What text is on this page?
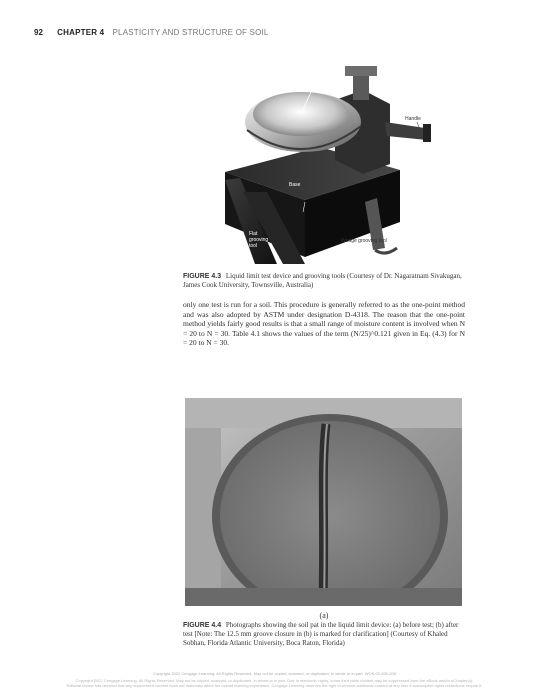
92 CHAPTER 4 PLASTICITY AND STRUCTURE OF SOIL
Cup
Handle
Base
Flat
grooving
tool
Wedge grooving tool
FIGURE 4.3 Liquid limit test device and grooving tools (Courtesy of Dr. Nagaratnam Sivakugan, James Cook University, Townsville, Australia)

only one test is run for a soil. This procedure is generally referred to as the one-point method and was also adopted by ASTM under designation D-4318. The reason that the one-point method yields fairly good results is that a small range of moisture content is involved when N = 20 to N = 30. Table 4.1 shows the values of the term (N/25)^0.121 given in Eq. (4.3) for N = 20 to N = 30.

(a)
FIGURE 4.4 Photographs showing the soil pat in the liquid limit device: (a) before test; (b) after test [Note: The 12.5 mm groove closure in (b) is marked for clarification] (Courtesy of Khaled Sobhan, Florida Atlantic University, Boca Raton, Florida)
Copyright 2022 Cengage Learning. All Rights Reserved. May not be copied, scanned, or duplicated, in whole or in part. WCN 02-200-208
Copyright 2022 Cengage Learning. All Rights Reserved. May not be copied, scanned, or duplicated, in whole or in part. Due to electronic rights, some third party content may be suppressed from the eBook and/or eChapter(s).
Editorial review has deemed that any suppressed content does not materially affect the overall learning experience. Cengage Learning reserves the right to remove additional content at any time if subsequent rights restrictions require it.
